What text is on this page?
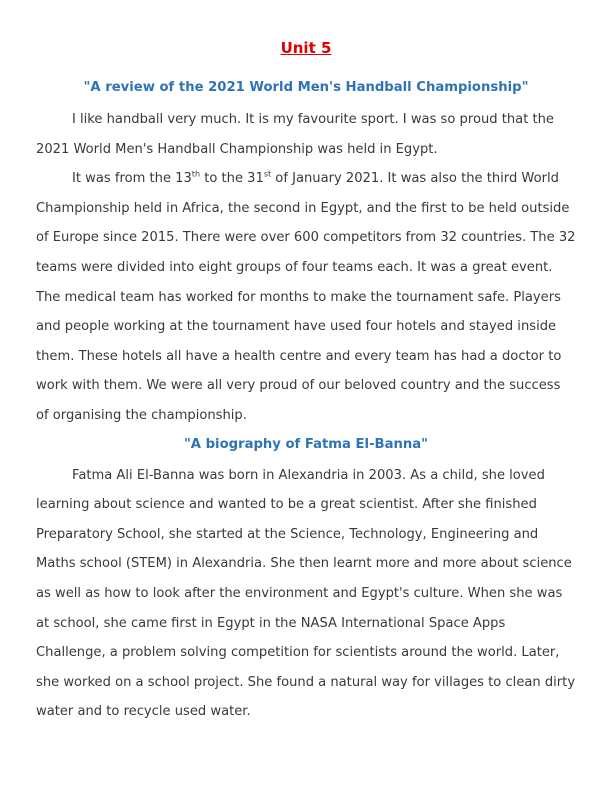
Unit 5
"A review of the 2021 World Men's Handball Championship"

I like handball very much. It is my favourite sport. I was so proud that the 2021 World Men's Handball Championship was held in Egypt.

It was from the 13th to the 31st of January 2021. It was also the third World Championship held in Africa, the second in Egypt, and the first to be held outside of Europe since 2015. There were over 600 competitors from 32 countries. The 32 teams were divided into eight groups of four teams each. It was a great event. The medical team has worked for months to make the tournament safe. Players and people working at the tournament have used four hotels and stayed inside them. These hotels all have a health centre and every team has had a doctor to work with them. We were all very proud of our beloved country and the success of organising the championship.

"A biography of Fatma El-Banna"

Fatma Ali El-Banna was born in Alexandria in 2003. As a child, she loved learning about science and wanted to be a great scientist. After she finished Preparatory School, she started at the Science, Technology, Engineering and Maths school (STEM) in Alexandria. She then learnt more and more about science as well as how to look after the environment and Egypt's culture. When she was at school, she came first in Egypt in the NASA International Space Apps Challenge, a problem solving competition for scientists around the world. Later, she worked on a school project. She found a natural way for villages to clean dirty water and to recycle used water.
